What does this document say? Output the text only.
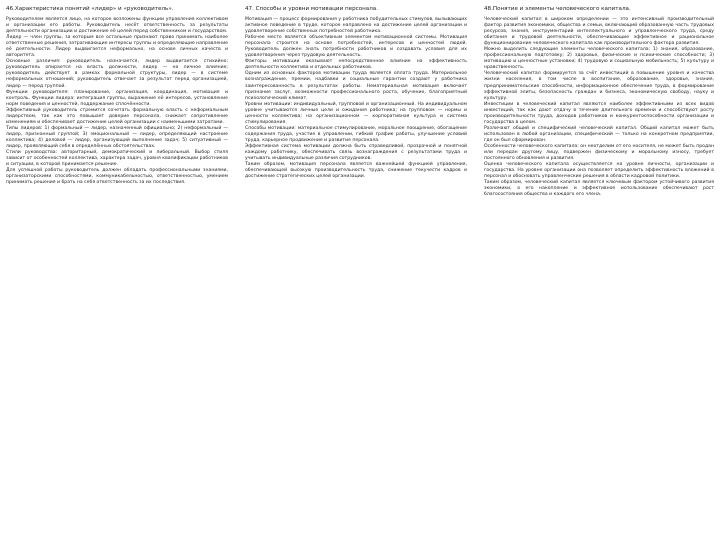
46.Характеристика понятий «лидер» и «руководитель».

Руководителем является лицо, на которое возложены функции управления коллективом и организации его работы. Руководитель несёт ответственность за результаты деятельности организации и достижение её целей перед собственником и государством.

Лидер — член группы, за которым все остальные признают право принимать наиболее ответственные решения, затрагивающие интересы группы и определяющие направление её деятельности. Лидер выдвигается неформально, на основе личных качеств и авторитета.

Основные различия: руководитель назначается, лидер выдвигается стихийно; руководитель опирается на власть должности, лидер — на личное влияние; руководитель действует в рамках формальной структуры, лидер — в системе неформальных отношений; руководитель отвечает за результат перед организацией, лидер — перед группой.

Функции руководителя: планирование, организация, координация, мотивация и контроль. Функции лидера: интеграция группы, выражение её интересов, установление норм поведения и ценностей, поддержание сплочённости.

Эффективный руководитель стремится сочетать формальную власть с неформальным лидерством, так как это повышает доверие персонала, снижает сопротивление изменениям и обеспечивает достижение целей организации с наименьшими затратами.

Типы лидеров: 1) формальный — лидер, назначенный официально; 2) неформальный — лидер, признанный группой; 3) эмоциональный — лидер, определяющий настроение коллектива; 4) деловой — лидер, организующий выполнение задач; 5) ситуативный — лидер, проявляющий себя в определённых обстоятельствах.

Стили руководства: авторитарный, демократический и либеральный. Выбор стиля зависит от особенностей коллектива, характера задач, уровня квалификации работников и ситуации, в которой принимается решение.

Для успешной работы руководитель должен обладать профессиональными знаниями, организаторскими способностями, коммуникабельностью, ответственностью, умением принимать решения и брать на себя ответственность за их последствия.

47. Способы и уровни мотивации персонала.

Мотивация — процесс формирования у работника побудительных стимулов, вызывающих активное поведение в труде, которое направлено на достижение целей организации и удовлетворение собственных потребностей работника.

Рабочее место является объективным элементом мотивационной системы. Мотивация персонала строится на основе потребностей, интересов и ценностей людей. Руководитель должен знать потребности работников и создавать условия для их удовлетворения через трудовую деятельность.

Факторы мотивации оказывают непосредственное влияние на эффективность деятельности коллектива и отдельных работников.

Одним из основных факторов мотивации труда является оплата труда. Материальное вознаграждение, премии, надбавки и социальные гарантии создают у работника заинтересованность в результатах работы. Нематериальная мотивация включает признание заслуг, возможности профессионального роста, обучение, благоприятный психологический климат.

Уровни мотивации: индивидуальный, групповой и организационный. На индивидуальном уровне учитываются личные цели и ожидания работника; на групповом — нормы и ценности коллектива; на организационном — корпоративная культура и система стимулирования.

Способы мотивации: материальное стимулирование, моральное поощрение, обогащение содержания труда, участие в управлении, гибкий график работы, улучшение условий труда, карьерное продвижение и развитие персонала.

Эффективная система мотивации должна быть справедливой, прозрачной и понятной каждому работнику, обеспечивать связь вознаграждения с результатами труда и учитывать индивидуальные различия сотрудников.

Таким образом, мотивация персонала является важнейшей функцией управления, обеспечивающей высокую производительность труда, снижение текучести кадров и достижение стратегических целей организации.

48.Понятие и элементы человеческого капитала.

Человеческий капитал в широком определении — это интенсивный производительный фактор развития экономики, общества и семьи, включающий образованную часть трудовых ресурсов, знания, инструментарий интеллектуального и управленческого труда, среду обитания и трудовой деятельности, обеспечивающие эффективное и рациональное функционирование человеческого капитала как производительного фактора развития.

Можно выделить следующие элементы человеческого капитала: 1) знания, образование, профессиональную подготовку; 2) здоровье, физические и психические способности; 3) мотивацию и ценностные установки; 4) трудовую и социальную мобильность; 5) культуру и нравственность.

Человеческий капитал формируется за счёт инвестиций в повышение уровня и качества жизни населения, в том числе в воспитание, образование, здоровье, знания, предпринимательские способности, информационное обеспечение труда, в формирование эффективной элиты, безопасность граждан и бизнеса, экономическую свободу, науку и культуру.

Инвестиции в человеческий капитал являются наиболее эффективными из всех видов инвестиций, так как дают отдачу в течение длительного времени и способствуют росту производительности труда, доходов работников и конкурентоспособности организации и государства в целом.

Различают общий и специфический человеческий капитал. Общий капитал может быть использован в любой организации, специфический — только на конкретном предприятии, где он был сформирован.

Особенности человеческого капитала: он неотделим от его носителя, не может быть продан или передан другому лицу, подвержен физическому и моральному износу, требует постоянного обновления и развития.

Оценка человеческого капитала осуществляется на уровне личности, организации и государства. На уровне организации она позволяет определить эффективность вложений в персонал и обосновать управленческие решения в области кадровой политики.

Таким образом, человеческий капитал является ключевым фактором устойчивого развития экономики, а его накопление и эффективное использование обеспечивают рост благосостояния общества и каждого его члена.
